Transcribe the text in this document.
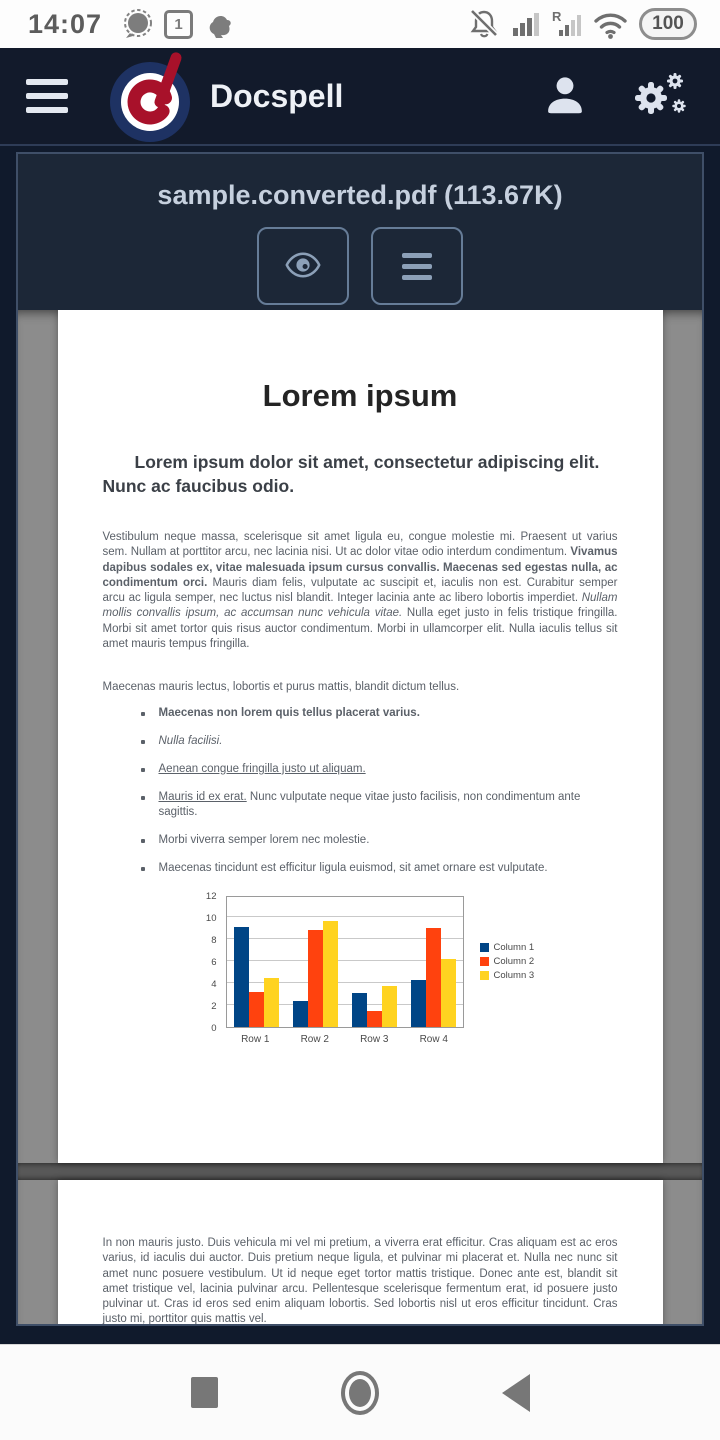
14:07	1	R	100
Docspell
sample.converted.pdf (113.67K)
Lorem ipsum
Lorem ipsum dolor sit amet, consectetur adipiscing elit. Nunc ac faucibus odio.

Vestibulum neque massa, scelerisque sit amet ligula eu, congue molestie mi. Praesent ut varius sem. Nullam at porttitor arcu, nec lacinia nisi. Ut ac dolor vitae odio interdum condimentum. Vivamus dapibus sodales ex, vitae malesuada ipsum cursus convallis. Maecenas sed egestas nulla, ac condimentum orci. Mauris diam felis, vulputate ac suscipit et, iaculis non est. Curabitur semper arcu ac ligula semper, nec luctus nisl blandit. Integer lacinia ante ac libero lobortis imperdiet. Nullam mollis convallis ipsum, ac accumsan nunc vehicula vitae. Nulla eget justo in felis tristique fringilla. Morbi sit amet tortor quis risus auctor condimentum. Morbi in ullamcorper elit. Nulla iaculis tellus sit amet mauris tempus fringilla.

Maecenas mauris lectus, lobortis et purus mattis, blandit dictum tellus.

Maecenas non lorem quis tellus placerat varius.
Nulla facilisi.
Aenean congue fringilla justo ut aliquam.
Mauris id ex erat. Nunc vulputate neque vitae justo facilisis, non condimentum ante sagittis.
Morbi viverra semper lorem nec molestie.
Maecenas tincidunt est efficitur ligula euismod, sit amet ornare est vulputate.
0
2
4
6
8
10
12
Row 1	Row 2	Row 3	Row 4
Column 1
Column 2
Column 3

In non mauris justo. Duis vehicula mi vel mi pretium, a viverra erat efficitur. Cras aliquam est ac eros varius, id iaculis dui auctor. Duis pretium neque ligula, et pulvinar mi placerat et. Nulla nec nunc sit amet nunc posuere vestibulum. Ut id neque eget tortor mattis tristique. Donec ante est, blandit sit amet tristique vel, lacinia pulvinar arcu. Pellentesque scelerisque fermentum erat, id posuere justo pulvinar ut. Cras id eros sed enim aliquam lobortis. Sed lobortis nisl ut eros efficitur tincidunt. Cras justo mi, porttitor quis mattis vel.
